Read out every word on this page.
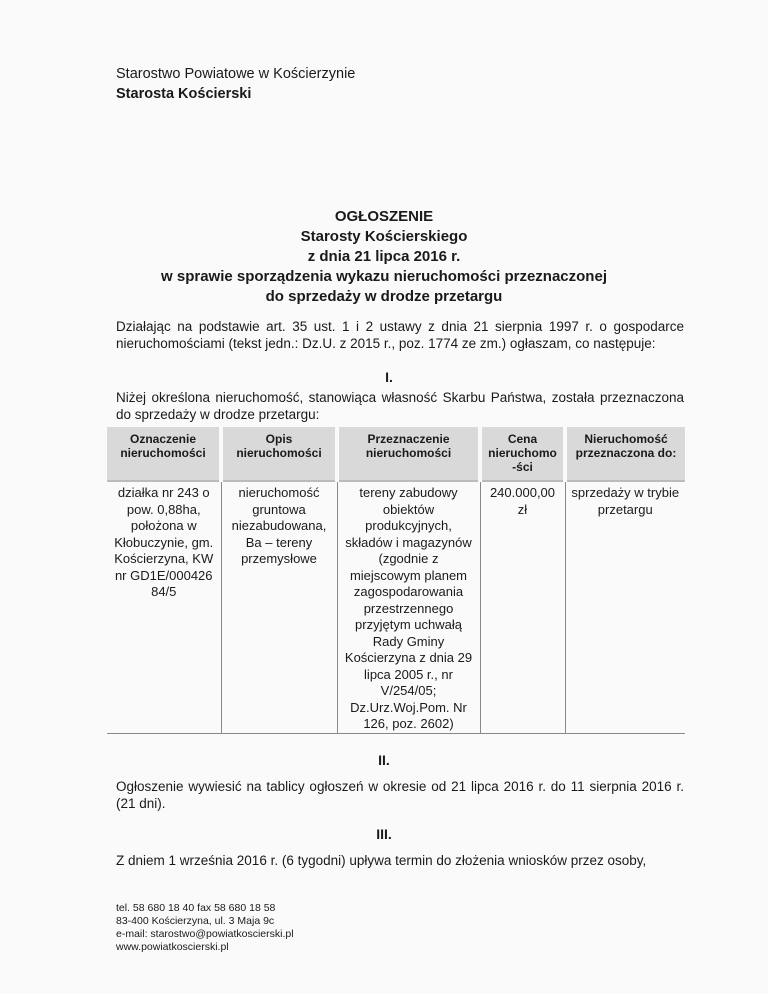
Starostwo Powiatowe w Kościerzynie
Starosta Kościerski
OGŁOSZENIE
Starosty Kościerskiego
z dnia 21 lipca 2016 r.
w sprawie sporządzenia wykazu nieruchomości przeznaczonej
do sprzedaży w drodze przetargu
Działając na podstawie art. 35 ust. 1 i 2 ustawy z dnia 21 sierpnia 1997 r. o gospodarce nieruchomościami (tekst jedn.: Dz.U. z 2015 r., poz. 1774 ze zm.) ogłaszam, co następuje:
I.
Niżej określona nieruchomość, stanowiąca własność Skarbu Państwa, została przeznaczona do sprzedaży w drodze przetargu:
Oznaczenie nieruchomości	Opis nieruchomości	Przeznaczenie nieruchomości	Cena nieruchomo -ści	Nieruchomość przeznaczona do:
działka nr 243 o pow. 0,88ha, położona w Kłobuczynie, gm. Kościerzyna, KW nr GD1E/000426 84/5	nieruchomość gruntowa niezabudowana, Ba – tereny przemysłowe	tereny zabudowy obiektów produkcyjnych, składów i magazynów (zgodnie z miejscowym planem zagospodarowania przestrzennego przyjętym uchwałą Rady Gminy Kościerzyna z dnia 29 lipca 2005 r., nr V/254/05; Dz.Urz.Woj.Pom. Nr 126, poz. 2602)	240.000,00 zł	sprzedaży w trybie przetargu
II.
Ogłoszenie wywiesić na tablicy ogłoszeń w okresie od 21 lipca 2016 r. do 11 sierpnia 2016 r. (21 dni).
III.
Z dniem 1 września 2016 r. (6 tygodni) upływa termin do złożenia wniosków przez osoby,
tel. 58 680 18 40 fax 58 680 18 58
83-400 Kościerzyna, ul. 3 Maja 9c
e-mail: starostwo@powiatkoscierski.pl
www.powiatkoscierski.pl
